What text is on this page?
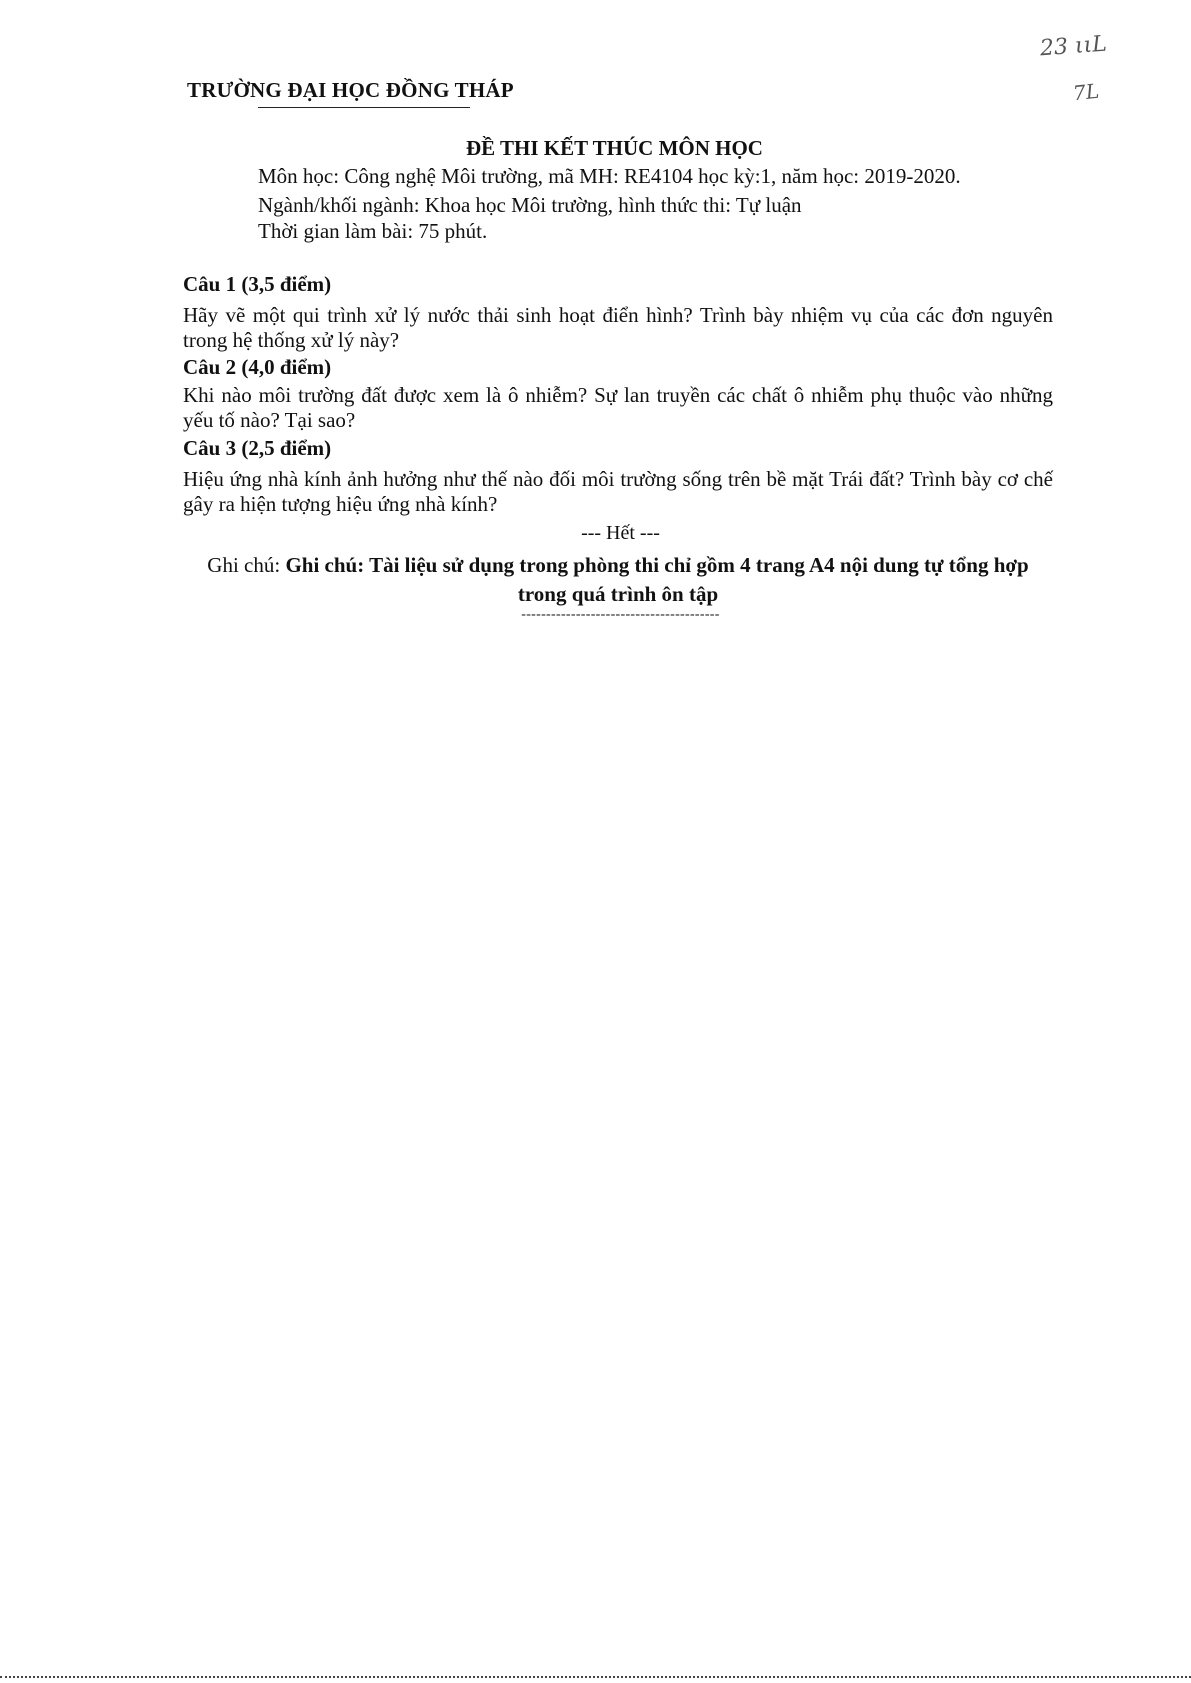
TRƯỜNG ĐẠI HỌC ĐỒNG THÁP
23 ιιL
7L
ĐỀ THI KẾT THÚC MÔN HỌC
Môn học: Công nghệ Môi trường, mã MH: RE4104 học kỳ:1, năm học: 2019-2020.
Ngành/khối ngành: Khoa học Môi trường, hình thức thi: Tự luận
Thời gian làm bài: 75 phút.
Câu 1 (3,5 điểm)
Hãy vẽ một qui trình xử lý nước thải sinh hoạt điển hình? Trình bày nhiệm vụ của các đơn nguyên trong hệ thống xử lý này?
Câu 2 (4,0 điểm)
Khi nào môi trường đất được xem là ô nhiễm? Sự lan truyền các chất ô nhiễm phụ thuộc vào những yếu tố nào? Tại sao?
Câu 3 (2,5 điểm)
Hiệu ứng nhà kính ảnh hưởng như thế nào đối môi trường sống trên bề mặt Trái đất? Trình bày cơ chế gây ra hiện tượng hiệu ứng nhà kính?
--- Hết ---
Ghi chú: Ghi chú: Tài liệu sử dụng trong phòng thi chỉ gồm 4 trang A4 nội dung tự tổng hợp trong quá trình ôn tập
----------------------------------------
